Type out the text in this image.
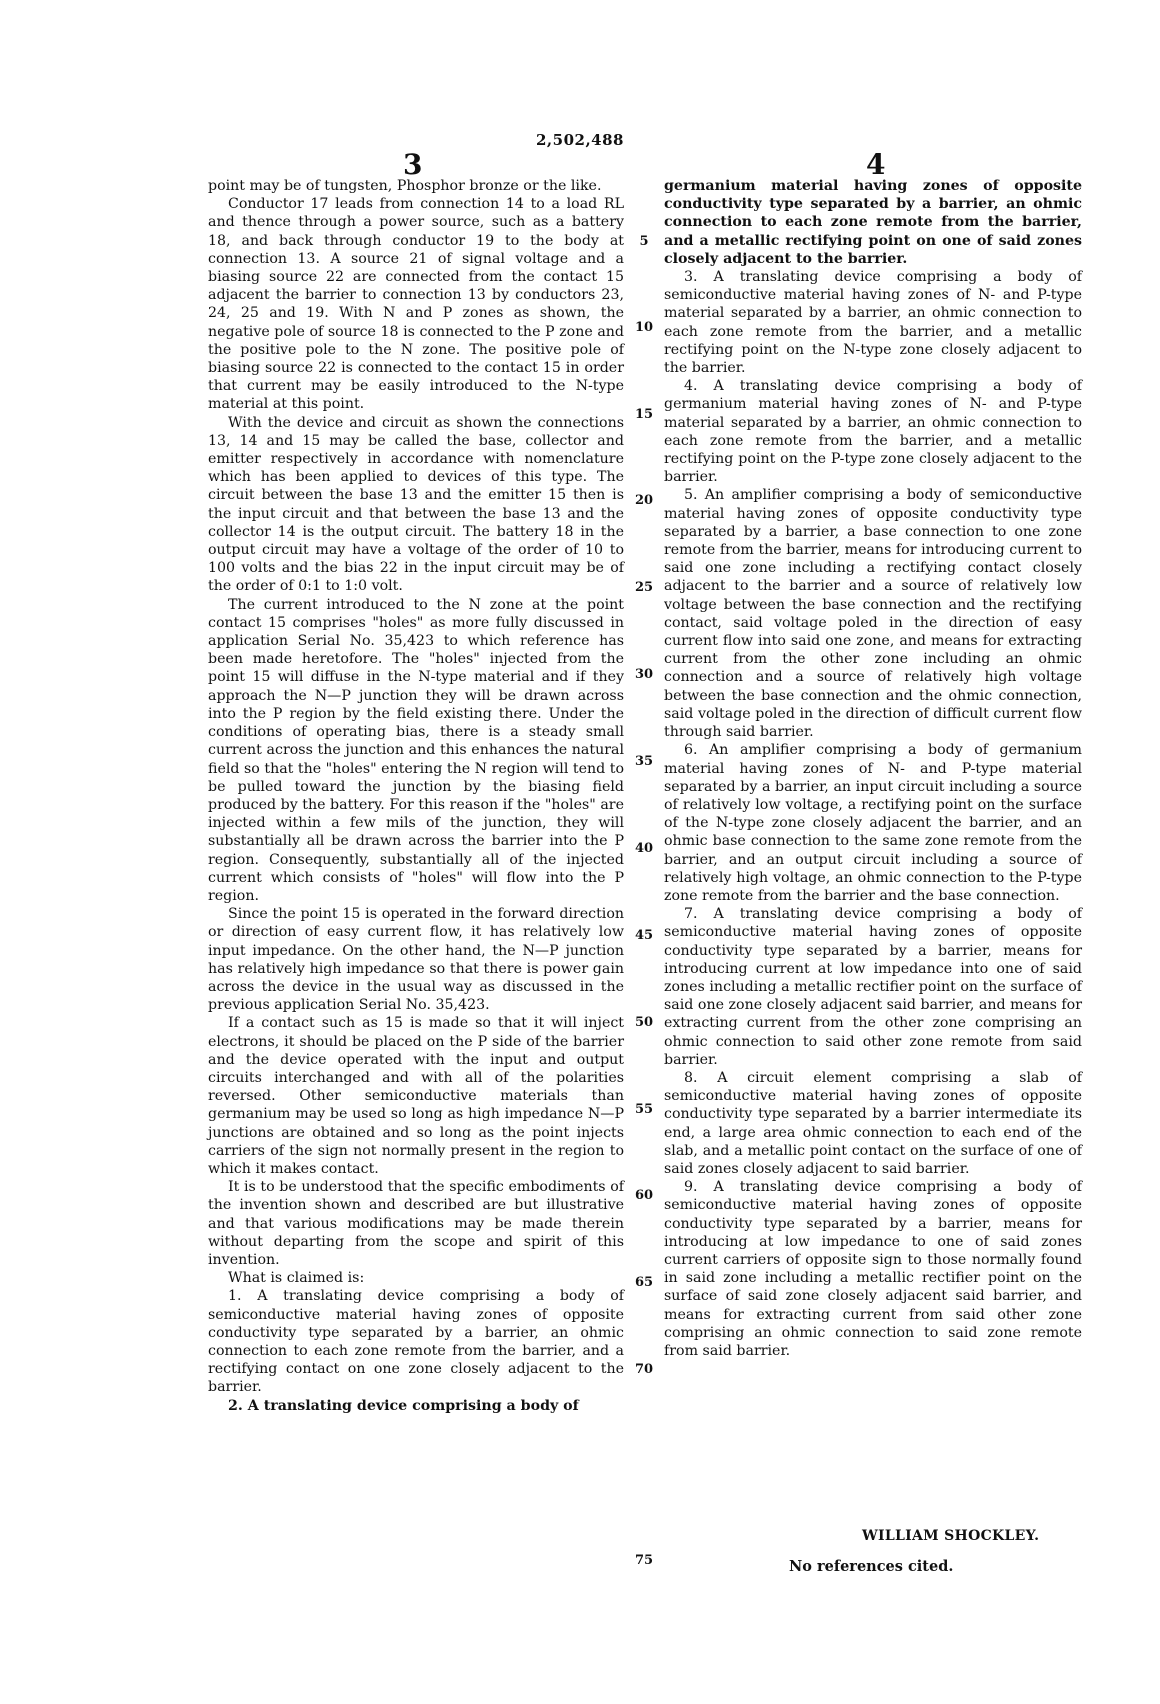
2,502,488
3	4

point may be of tungsten, Phosphor bronze or the like.

Conductor 17 leads from connection 14 to a load RL and thence through a power source, such as a battery 18, and back through conductor 19 to the body at connection 13. A source 21 of signal voltage and a biasing source 22 are connected from the contact 15 adjacent the barrier to connection 13 by conductors 23, 24, 25 and 19. With N and P zones as shown, the negative pole of source 18 is connected to the P zone and the positive pole to the N zone. The positive pole of biasing source 22 is connected to the contact 15 in order that current may be easily introduced to the N-type material at this point.

With the device and circuit as shown the connections 13, 14 and 15 may be called the base, collector and emitter respectively in accordance with nomenclature which has been applied to devices of this type. The circuit between the base 13 and the emitter 15 then is the input circuit and that between the base 13 and the collector 14 is the output circuit. The battery 18 in the output circuit may have a voltage of the order of 10 to 100 volts and the bias 22 in the input circuit may be of the order of 0:1 to 1:0 volt.

The current introduced to the N zone at the point contact 15 comprises "holes" as more fully discussed in application Serial No. 35,423 to which reference has been made heretofore. The "holes" injected from the point 15 will diffuse in the N-type material and if they approach the N—P junction they will be drawn across into the P region by the field existing there. Under the conditions of operating bias, there is a steady small current across the junction and this enhances the natural field so that the "holes" entering the N region will tend to be pulled toward the junction by the biasing field produced by the battery. For this reason if the "holes" are injected within a few mils of the junction, they will substantially all be drawn across the barrier into the P region. Consequently, substantially all of the injected current which consists of "holes" will flow into the P region.

Since the point 15 is operated in the forward direction or direction of easy current flow, it has relatively low input impedance. On the other hand, the N—P junction has relatively high impedance so that there is power gain across the device in the usual way as discussed in the previous application Serial No. 35,423.

If a contact such as 15 is made so that it will inject electrons, it should be placed on the P side of the barrier and the device operated with the input and output circuits interchanged and with all of the polarities reversed. Other semiconductive materials than germanium may be used so long as high impedance N—P junctions are obtained and so long as the point injects carriers of the sign not normally present in the region to which it makes contact.

It is to be understood that the specific embodiments of the invention shown and described are but illustrative and that various modifications may be made therein without departing from the scope and spirit of this invention.

What is claimed is:

1. A translating device comprising a body of semiconductive material having zones of opposite conductivity type separated by a barrier, an ohmic connection to each zone remote from the barrier, and a rectifying contact on one zone closely adjacent to the barrier.

2. A translating device comprising a body of

germanium material having zones of opposite conductivity type separated by a barrier, an ohmic connection to each zone remote from the barrier, and a metallic rectifying point on one of said zones closely adjacent to the barrier.

3. A translating device comprising a body of semiconductive material having zones of N- and P-type material separated by a barrier, an ohmic connection to each zone remote from the barrier, and a metallic rectifying point on the N-type zone closely adjacent to the barrier.

4. A translating device comprising a body of germanium material having zones of N- and P-type material separated by a barrier, an ohmic connection to each zone remote from the barrier, and a metallic rectifying point on the P-type zone closely adjacent to the barrier.

5. An amplifier comprising a body of semiconductive material having zones of opposite conductivity type separated by a barrier, a base connection to one zone remote from the barrier, means for introducing current to said one zone including a rectifying contact closely adjacent to the barrier and a source of relatively low voltage between the base connection and the rectifying contact, said voltage poled in the direction of easy current flow into said one zone, and means for extracting current from the other zone including an ohmic connection and a source of relatively high voltage between the base connection and the ohmic connection, said voltage poled in the direction of difficult current flow through said barrier.

6. An amplifier comprising a body of germanium material having zones of N- and P-type material separated by a barrier, an input circuit including a source of relatively low voltage, a rectifying point on the surface of the N-type zone closely adjacent the barrier, and an ohmic base connection to the same zone remote from the barrier, and an output circuit including a source of relatively high voltage, an ohmic connection to the P-type zone remote from the barrier and the base connection.

7. A translating device comprising a body of semiconductive material having zones of opposite conductivity type separated by a barrier, means for introducing current at low impedance into one of said zones including a metallic rectifier point on the surface of said one zone closely adjacent said barrier, and means for extracting current from the other zone comprising an ohmic connection to said other zone remote from said barrier.

8. A circuit element comprising a slab of semiconductive material having zones of opposite conductivity type separated by a barrier intermediate its end, a large area ohmic connection to each end of the slab, and a metallic point contact on the surface of one of said zones closely adjacent to said barrier.

9. A translating device comprising a body of semiconductive material having zones of opposite conductivity type separated by a barrier, means for introducing at low impedance to one of said zones current carriers of opposite sign to those normally found in said zone including a metallic rectifier point on the surface of said zone closely adjacent said barrier, and means for extracting current from said other zone comprising an ohmic connection to said zone remote from said barrier.

5
10
15
20
25
30
35
40
45
50
55
60
65
70
75
WILLIAM SHOCKLEY.
No references cited.
